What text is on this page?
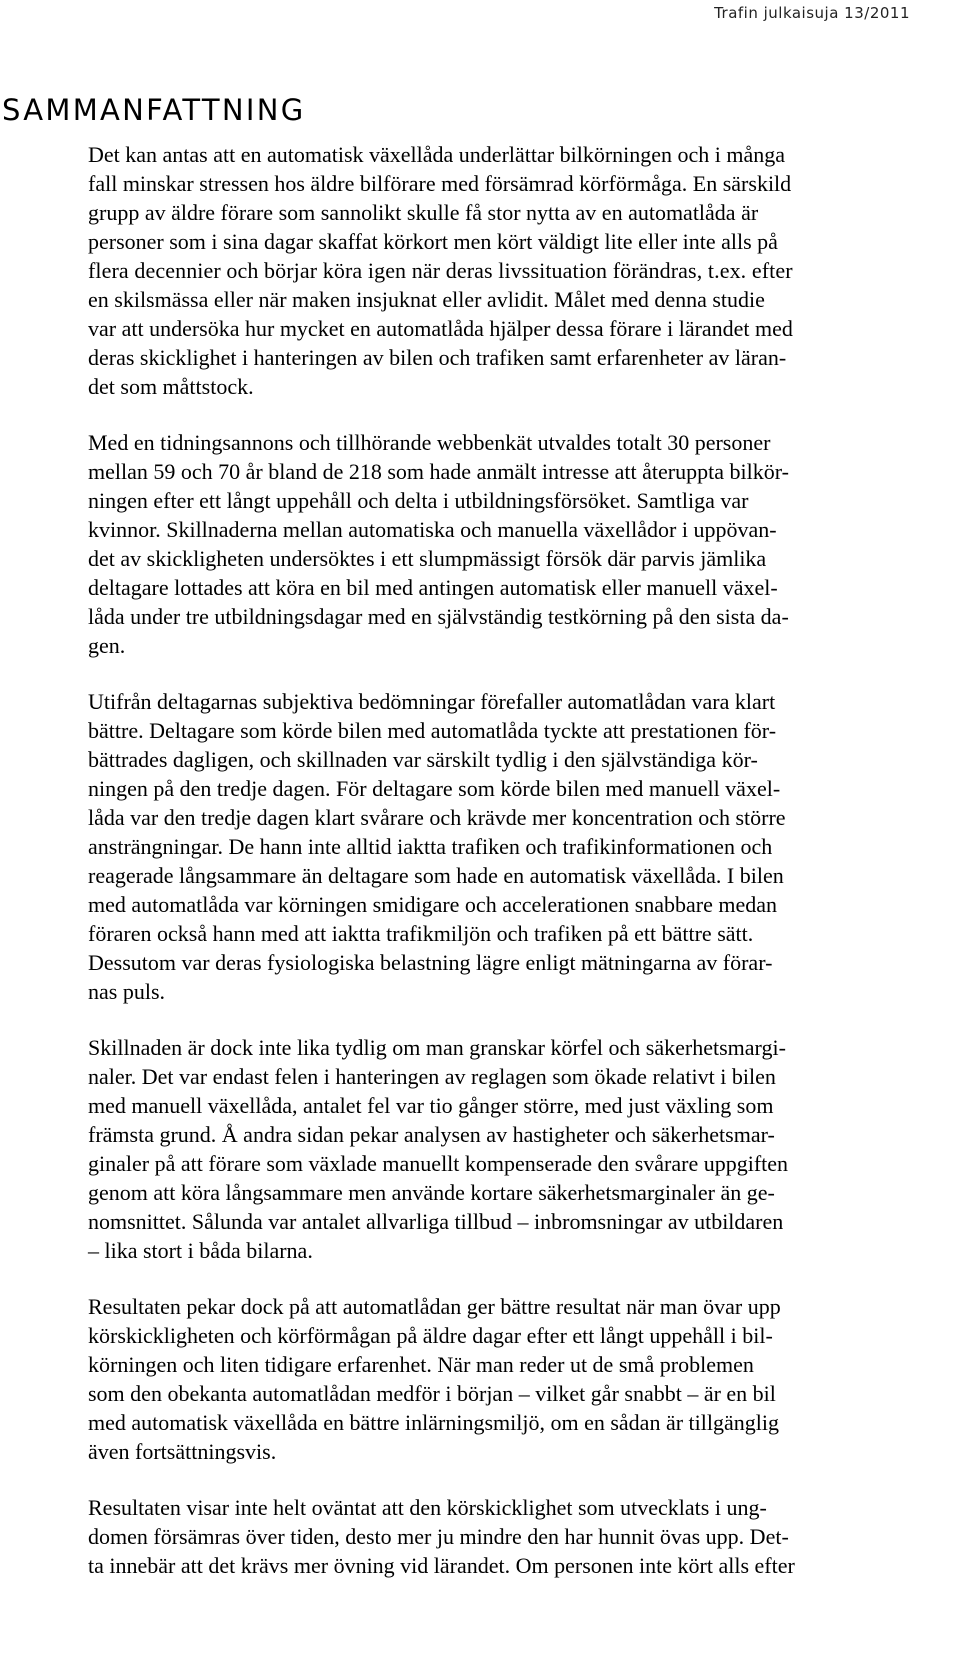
Trafin julkaisuja 13/2011
SAMMANFATTNING

Det kan antas att en automatisk växellåda underlättar bilkörningen och i många
fall minskar stressen hos äldre bilförare med försämrad körförmåga. En särskild
grupp av äldre förare som sannolikt skulle få stor nytta av en automatlåda är
personer som i sina dagar skaffat körkort men kört väldigt lite eller inte alls på
flera decennier och börjar köra igen när deras livssituation förändras, t.ex. efter
en skilsmässa eller när maken insjuknat eller avlidit. Målet med denna studie
var att undersöka hur mycket en automatlåda hjälper dessa förare i lärandet med
deras skicklighet i hanteringen av bilen och trafiken samt erfarenheter av läran-
det som måttstock.

Med en tidningsannons och tillhörande webbenkät utvaldes totalt 30 personer
mellan 59 och 70 år bland de 218 som hade anmält intresse att återuppta bilkör-
ningen efter ett långt uppehåll och delta i utbildningsförsöket. Samtliga var
kvinnor. Skillnaderna mellan automatiska och manuella växellådor i uppövan-
det av skickligheten undersöktes i ett slumpmässigt försök där parvis jämlika
deltagare lottades att köra en bil med antingen automatisk eller manuell växel-
låda under tre utbildningsdagar med en självständig testkörning på den sista da-
gen.

Utifrån deltagarnas subjektiva bedömningar förefaller automatlådan vara klart
bättre. Deltagare som körde bilen med automatlåda tyckte att prestationen för-
bättrades dagligen, och skillnaden var särskilt tydlig i den självständiga kör-
ningen på den tredje dagen. För deltagare som körde bilen med manuell växel-
låda var den tredje dagen klart svårare och krävde mer koncentration och större
ansträngningar. De hann inte alltid iaktta trafiken och trafikinformationen och
reagerade långsammare än deltagare som hade en automatisk växellåda. I bilen
med automatlåda var körningen smidigare och accelerationen snabbare medan
föraren också hann med att iaktta trafikmiljön och trafiken på ett bättre sätt.
Dessutom var deras fysiologiska belastning lägre enligt mätningarna av förar-
nas puls.

Skillnaden är dock inte lika tydlig om man granskar körfel och säkerhetsmargi-
naler. Det var endast felen i hanteringen av reglagen som ökade relativt i bilen
med manuell växellåda, antalet fel var tio gånger större, med just växling som
främsta grund. Å andra sidan pekar analysen av hastigheter och säkerhetsmar-
ginaler på att förare som växlade manuellt kompenserade den svårare uppgiften
genom att köra långsammare men använde kortare säkerhetsmarginaler än ge-
nomsnittet. Sålunda var antalet allvarliga tillbud – inbromsningar av utbildaren
– lika stort i båda bilarna.

Resultaten pekar dock på att automatlådan ger bättre resultat när man övar upp
körskickligheten och körförmågan på äldre dagar efter ett långt uppehåll i bil-
körningen och liten tidigare erfarenhet. När man reder ut de små problemen
som den obekanta automatlådan medför i början – vilket går snabbt – är en bil
med automatisk växellåda en bättre inlärningsmiljö, om en sådan är tillgänglig
även fortsättningsvis.

Resultaten visar inte helt oväntat att den körskicklighet som utvecklats i ung-
domen försämras över tiden, desto mer ju mindre den har hunnit övas upp. Det-
ta innebär att det krävs mer övning vid lärandet. Om personen inte kört alls efter
